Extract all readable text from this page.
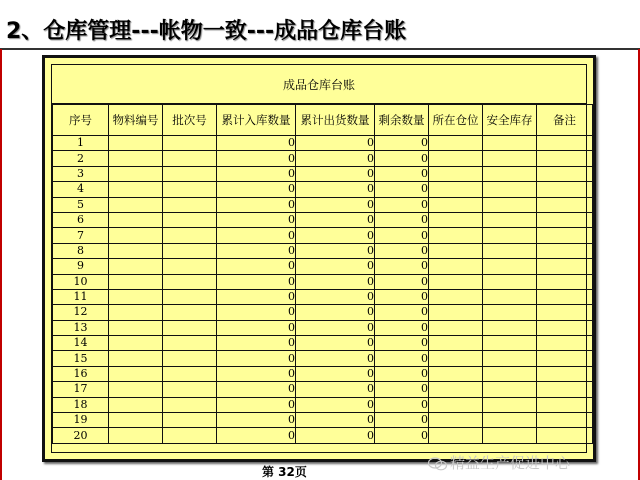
2、仓库管理---帐物一致---成品仓库台账
成品仓库台账
序号	物料编号	批次号	累计入库数量	累计出货数量	剩余数量	所在仓位	安全库存	备注
1			0	0	0			
2			0	0	0			
3			0	0	0			
4			0	0	0			
5			0	0	0			
6			0	0	0			
7			0	0	0			
8			0	0	0			
9			0	0	0			
10			0	0	0			
11			0	0	0			
12			0	0	0			
13			0	0	0			
14			0	0	0			
15			0	0	0			
16			0	0	0			
17			0	0	0			
18			0	0	0			
19			0	0	0			
20			0	0	0			
第 32页	精益生产促进中心
